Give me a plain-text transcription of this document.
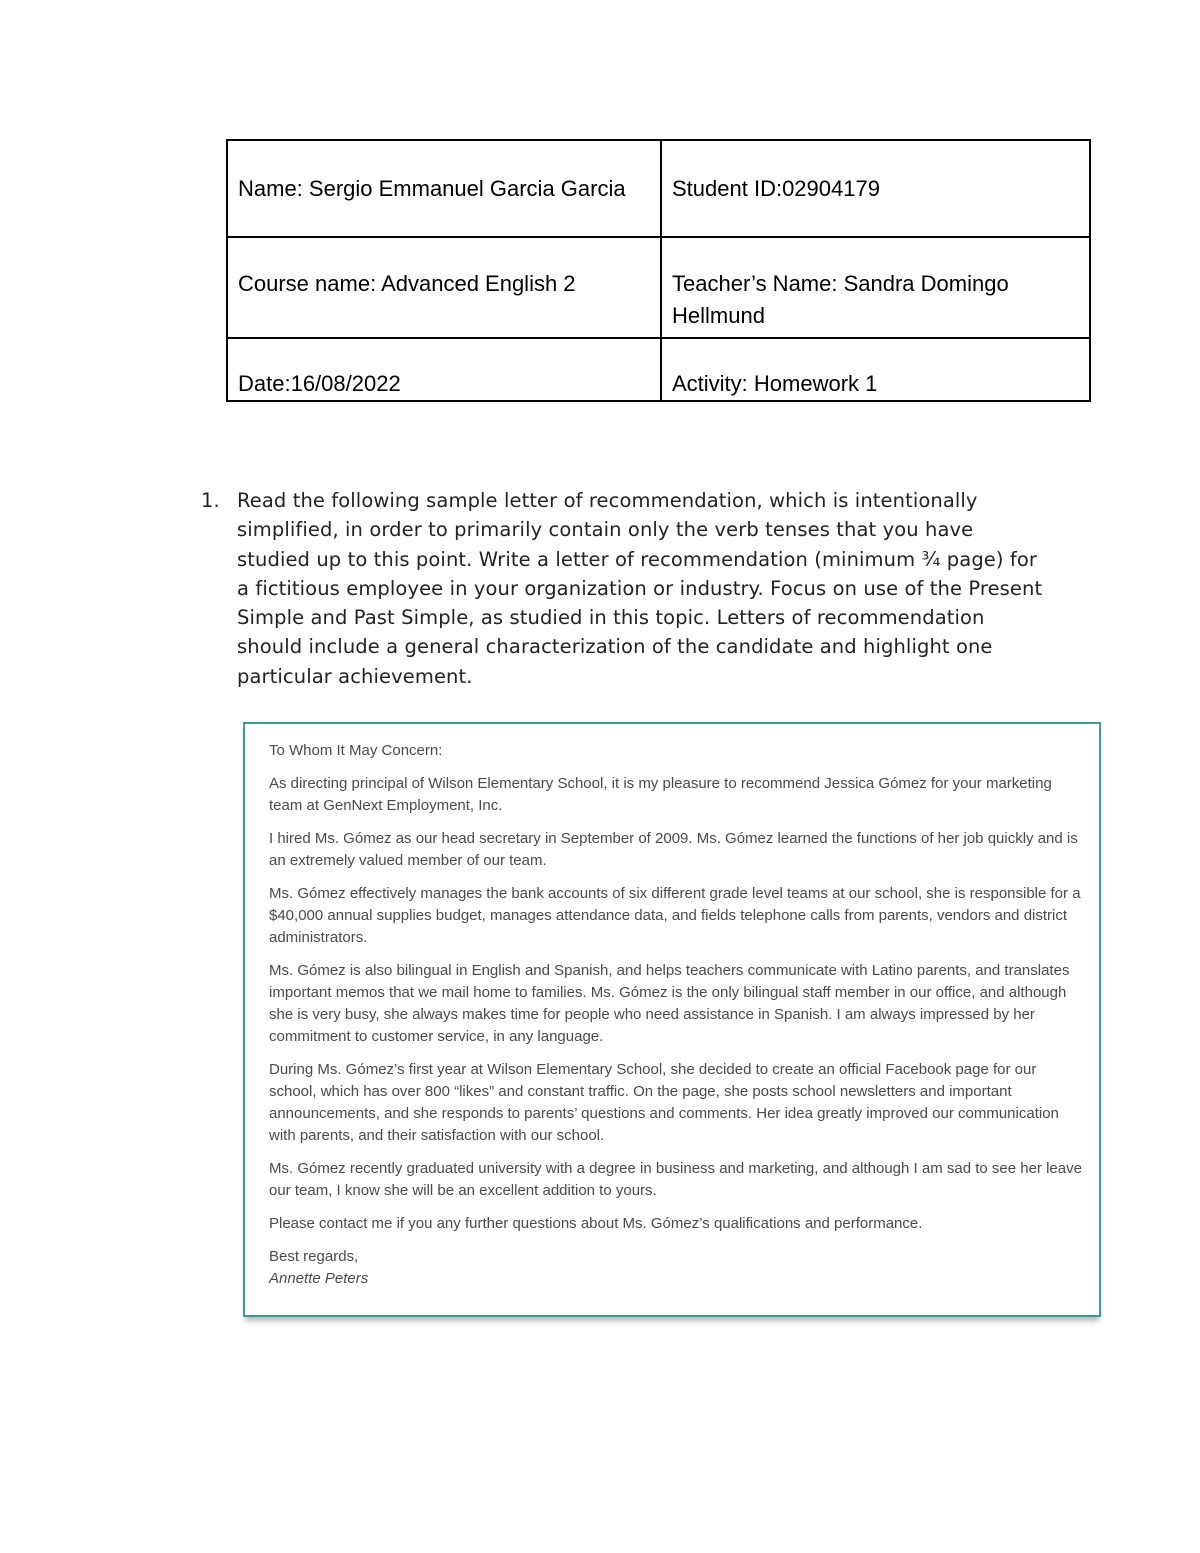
Name: Sergio Emmanuel Garcia Garcia	Student ID:02904179
Course name: Advanced English 2	Teacher’s Name: Sandra Domingo Hellmund
Date:16/08/2022	Activity: Homework 1
1. Read the following sample letter of recommendation, which is intentionally simplified, in order to primarily contain only the verb tenses that you have studied up to this point. Write a letter of recommendation (minimum ¾ page) for a fictitious employee in your organization or industry. Focus on use of the Present Simple and Past Simple, as studied in this topic. Letters of recommendation should include a general characterization of the candidate and highlight one particular achievement.

To Whom It May Concern:

As directing principal of Wilson Elementary School, it is my pleasure to recommend Jessica Gómez for your marketing team at GenNext Employment, Inc.

I hired Ms. Gómez as our head secretary in September of 2009. Ms. Gómez learned the functions of her job quickly and is an extremely valued member of our team.

Ms. Gómez effectively manages the bank accounts of six different grade level teams at our school, she is responsible for a $40,000 annual supplies budget, manages attendance data, and fields telephone calls from parents, vendors and district administrators.

Ms. Gómez is also bilingual in English and Spanish, and helps teachers communicate with Latino parents, and translates important memos that we mail home to families. Ms. Gómez is the only bilingual staff member in our office, and although she is very busy, she always makes time for people who need assistance in Spanish. I am always impressed by her commitment to customer service, in any language.

During Ms. Gómez’s first year at Wilson Elementary School, she decided to create an official Facebook page for our school, which has over 800 “likes” and constant traffic. On the page, she posts school newsletters and important announcements, and she responds to parents’ questions and comments. Her idea greatly improved our communication with parents, and their satisfaction with our school.

Ms. Gómez recently graduated university with a degree in business and marketing, and although I am sad to see her leave our team, I know she will be an excellent addition to yours.

Please contact me if you any further questions about Ms. Gómez’s qualifications and performance.

Best regards,

Annette Peters
